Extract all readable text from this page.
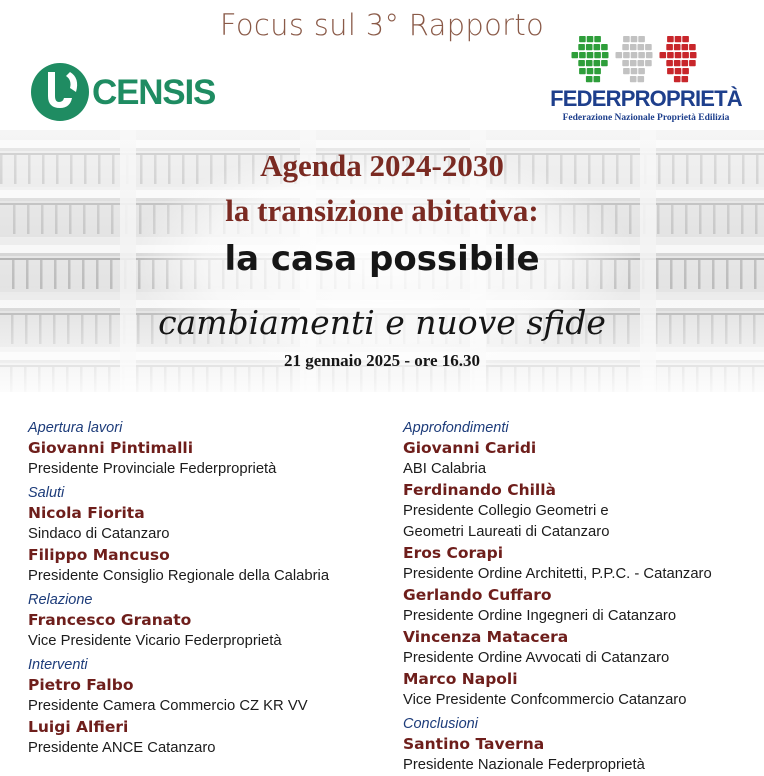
Focus sul 3° Rapporto
CENSIS	FEDERPROPRIETÀ
Federazione Nazionale Proprietà Edilizia
Agenda 2024-2030
la transizione abitativa:
la casa possibile
cambiamenti e nuove sfide
21 gennaio 2025 - ore 16.30
Apertura lavori
Giovanni Pintimalli
Presidente Provinciale Federproprietà
Saluti
Nicola Fiorita
Sindaco di Catanzaro
Filippo Mancuso
Presidente Consiglio Regionale della Calabria
Relazione
Francesco Granato
Vice Presidente Vicario Federproprietà
Interventi
Pietro Falbo
Presidente Camera Commercio CZ KR VV
Luigi Alfieri
Presidente ANCE Catanzaro
Approfondimenti
Giovanni Caridi
ABI Calabria
Ferdinando Chillà
Presidente Collegio Geometri e
Geometri Laureati di Catanzaro
Eros Corapi
Presidente Ordine Architetti, P.P.C. - Catanzaro
Gerlando Cuffaro
Presidente Ordine Ingegneri di Catanzaro
Vincenza Matacera
Presidente Ordine Avvocati di Catanzaro
Marco Napoli
Vice Presidente Confcommercio Catanzaro
Conclusioni
Santino Taverna
Presidente Nazionale Federproprietà
